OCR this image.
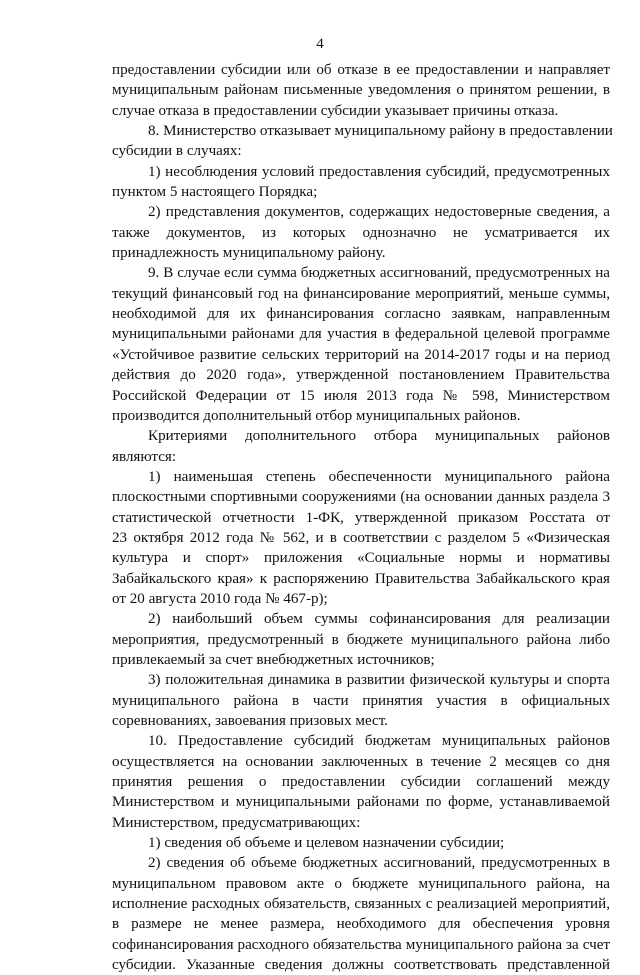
4
предоставлении субсидии или об отказе в ее предоставлении и направляет
муниципальным районам письменные уведомления о принятом решении, в
случае отказа в предоставлении субсидии указывает причины отказа.
8. Министерство отказывает муниципальному району в предоставлении
субсидии в случаях:
1) несоблюдения условий предоставления субсидий, предусмотренных
пунктом 5 настоящего Порядка;
2) представления документов, содержащих недостоверные сведения, а
также документов, из которых однозначно не усматривается их
принадлежность муниципальному району.
9. В случае если сумма бюджетных ассигнований, предусмотренных на
текущий финансовый год на финансирование мероприятий, меньше суммы,
необходимой для их финансирования согласно заявкам, направленным
муниципальными районами для участия в федеральной целевой программе
«Устойчивое развитие сельских территорий на 2014-2017 годы и на период
действия до 2020 года», утвержденной постановлением Правительства
Российской Федерации от 15 июля 2013 года № 598, Министерством
производится дополнительный отбор муниципальных районов.
Критериями дополнительного отбора муниципальных районов
являются:
1) наименьшая степень обеспеченности муниципального района
плоскостными спортивными сооружениями (на основании данных раздела 3
статистической отчетности 1-ФК, утвержденной приказом Росстата от
23 октября 2012 года № 562, и в соответствии с разделом 5 «Физическая
культура и спорт» приложения «Социальные нормы и нормативы
Забайкальского края» к распоряжению Правительства Забайкальского края
от 20 августа 2010 года № 467-р);
2) наибольший объем суммы софинансирования для реализации
мероприятия, предусмотренный в бюджете муниципального района либо
привлекаемый за счет внебюджетных источников;
3) положительная динамика в развитии физической культуры и спорта
муниципального района в части принятия участия в официальных
соревнованиях, завоевания призовых мест.
10. Предоставление субсидий бюджетам муниципальных районов
осуществляется на основании заключенных в течение 2 месяцев со дня
принятия решения о предоставлении субсидии соглашений между
Министерством и муниципальными районами по форме, устанавливаемой
Министерством, предусматривающих:
1) сведения об объеме и целевом назначении субсидии;
2) сведения об объеме бюджетных ассигнований, предусмотренных в
муниципальном правовом акте о бюджете муниципального района, на
исполнение расходных обязательств, связанных с реализацией мероприятий,
в размере не менее размера, необходимого для обеспечения уровня
софинансирования расходного обязательства муниципального района за счет
субсидии. Указанные сведения должны соответствовать представленной
